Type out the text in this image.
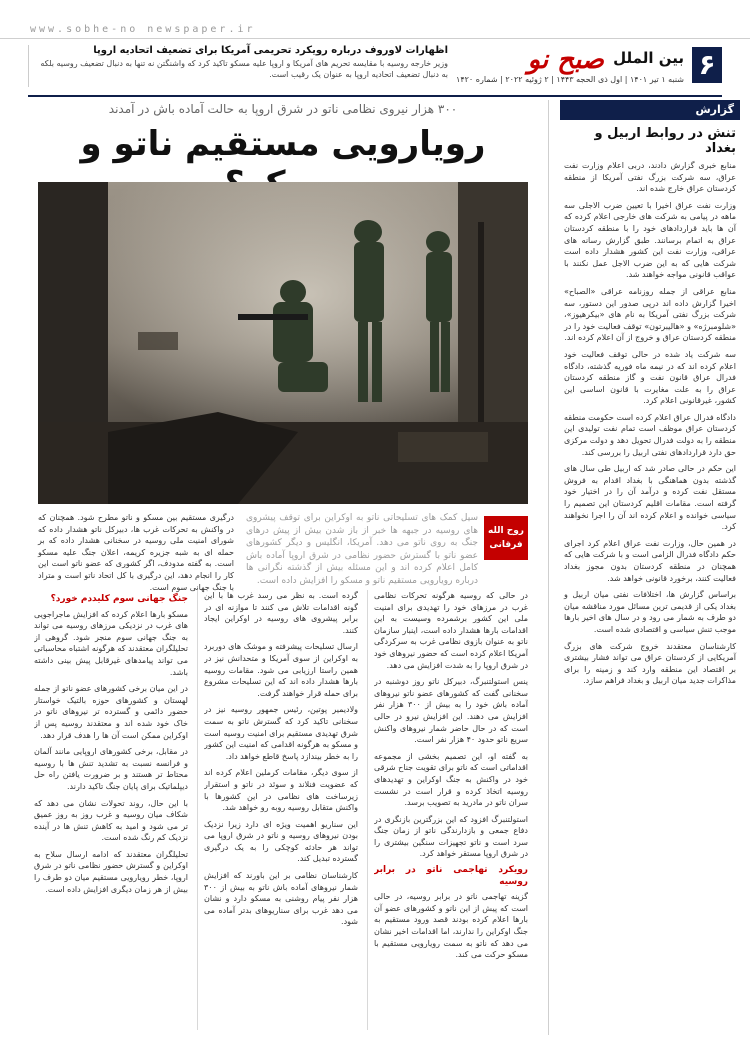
www.sobhe-no newspaper.ir
۶
بین الملل
صبح نو
شنبه ۱ تیر ۱۴۰۱ | اول ذی الحجه ۱۴۴۳ | ۲ ژوئیه ۲۰۲۲ | شماره ۱۴۲۰
اظهارات لاوروف درباره رویکرد تحریمی آمریکا برای تضعیف اتحادیه اروپا
وزیر خارجه روسیه با مقایسه تحریم های آمریکا و اروپا علیه مسکو تاکید کرد که واشنگتن نه تنها به دنبال تضعیف روسیه بلکه به دنبال تضعیف اتحادیه اروپا به عنوان یک رقیب است.
گزارش
تنش در روابط اربیل و بغداد

منابع خبری گزارش دادند، دربی اعلام وزارت نفت عراق، سه شرکت بزرگ نفتی آمریکا از منطقه کردستان عراق خارج شده اند.

وزارت نفت عراق اخیرا با تعیین ضرب الاجلی سه ماهه در پیامی به شرکت های خارجی اعلام کرده که آن ها باید قراردادهای خود را با منطقه کردستان عراق به اتمام برسانند. طبق گزارش رسانه های عراقی، وزارت نفت این کشور هشدار داده است شرکت هایی که به این ضرب الاجل عمل نکنند با عواقب قانونی مواجه خواهند شد.

منابع عراقی از جمله روزنامه عراقی «الصباح» اخیرا گزارش داده اند درپی صدور این دستور، سه شرکت بزرگ نفتی آمریکا به نام های «بیکرهیوز»، «شلومبرژه» و «هالیبرتون» توقف فعالیت خود را در منطقه کردستان عراق و خروج از آن اعلام کرده اند.

سه شرکت یاد شده در حالی توقف فعالیت خود اعلام کرده اند که در نیمه ماه فوریه گذشته، دادگاه فدرال عراق قانون نفت و گاز منطقه کردستان عراق را به علت مغایرت با قانون اساسی این کشور، غیرقانونی اعلام کرد.

دادگاه فدرال عراق اعلام کرده است حکومت منطقه کردستان عراق موظف است تمام نفت تولیدی این منطقه را به دولت فدرال تحویل دهد و دولت مرکزی حق دارد قراردادهای نفتی اربیل را بررسی کند.

این حکم در حالی صادر شد که اربیل طی سال های گذشته بدون هماهنگی با بغداد اقدام به فروش مستقل نفت کرده و درآمد آن را در اختیار خود گرفته است. مقامات اقلیم کردستان این تصمیم را سیاسی خوانده و اعلام کرده اند آن را اجرا نخواهند کرد.

در همین حال، وزارت نفت عراق اعلام کرد اجرای حکم دادگاه فدرال الزامی است و با شرکت هایی که همچنان در منطقه کردستان بدون مجوز بغداد فعالیت کنند، برخورد قانونی خواهد شد.

براساس گزارش ها، اختلافات نفتی میان اربیل و بغداد یکی از قدیمی ترین مسائل مورد مناقشه میان دو طرف به شمار می رود و در سال های اخیر بارها موجب تنش سیاسی و اقتصادی شده است.

کارشناسان معتقدند خروج شرکت های بزرگ آمریکایی از کردستان عراق می تواند فشار بیشتری بر اقتصاد این منطقه وارد کند و زمینه را برای مذاکرات جدید میان اربیل و بغداد فراهم سازد.

۳۰۰ هزار نیروی نظامی ناتو در شرق اروپا به حالت آماده باش در آمدند
رویارویی مستقیم ناتو و
روح الله فرقانی
سیل کمک های تسلیحاتی ناتو به اوکراین برای توقف پیشروی های روسیه در جبهه ها خبر از باز شدن بیش از پیش درهای جنگ به روی ناتو می دهد. آمریکا، انگلیس و دیگر کشورهای عضو ناتو با گسترش حضور نظامی در شرق اروپا آماده باش کامل اعلام کرده اند و این مسئله بیش از گذشته نگرانی ها درباره رویارویی مستقیم ناتو و مسکو را افزایش داده است.
درگیری مستقیم بین مسکو و ناتو مطرح شود. همچنان که در واکنش به تحرکات غرب ها، دبیرکل ناتو هشدار داده که شورای امنیت ملی روسیه در سخنانی هشدار داده که بر حمله ای به شبه جزیره کریمه، اعلان جنگ علیه مسکو است. به گفته مدودف، اگر کشوری که عضو ناتو است این کار را انجام دهد، این درگیری با کل اتحاد ناتو است و متراد با جنگ جهانی سوم است.

در حالی که روسیه هرگونه تحرکات نظامی غرب در مرزهای خود را تهدیدی برای امنیت ملی این کشور برشمرده وسیست به این اقدامات بارها هشدار داده است، اینبار سازمان ناتو به عنوان بازوی نظامی غرب به سرکردگی آمریکا اعلام کرده است که حضور نیروهای خود در شرق اروپا را به شدت افزایش می دهد.

ینس استولتنبرگ، دبیرکل ناتو روز دوشنبه در سخنانی گفت که کشورهای عضو ناتو نیروهای آماده باش خود را به بیش از ۳۰۰ هزار نفر افزایش می دهند. این افزایش نیرو در حالی است که در حال حاضر شمار نیروهای واکنش سریع ناتو حدود ۴۰ هزار نفر است.

به گفته او، این تصمیم بخشی از مجموعه اقداماتی است که ناتو برای تقویت جناح شرقی خود در واکنش به جنگ اوکراین و تهدیدهای روسیه اتخاذ کرده و قرار است در نشست سران ناتو در مادرید به تصویب برسد.

استولتنبرگ افزود که این بزرگترین بازنگری در دفاع جمعی و بازدارندگی ناتو از زمان جنگ سرد است و ناتو تجهیزات سنگین بیشتری را در شرق اروپا مستقر خواهد کرد.

رویکرد تهاجمی ناتو در برابر روسیه

گزینه تهاجمی ناتو در برابر روسیه، در حالی است که پیش از این ناتو و کشورهای عضو آن بارها اعلام کرده بودند قصد ورود مستقیم به جنگ اوکراین را ندارند، اما اقدامات اخیر نشان می دهد که ناتو به سمت رویارویی مستقیم با مسکو حرکت می کند.

گرده است. به نظر می رسد غرب ها با این گونه اقدامات تلاش می کنند تا موازنه ای در برابر پیشروی های روسیه در اوکراین ایجاد کنند.

ارسال تسلیحات پیشرفته و موشک های دوربرد به اوکراین از سوی آمریکا و متحدانش نیز در همین راستا ارزیابی می شود. مقامات روسیه بارها هشدار داده اند که این تسلیحات مشروع برای حمله قرار خواهند گرفت.

ولادیمیر پوتین، رئیس جمهور روسیه نیز در سخنانی تاکید کرد که گسترش ناتو به سمت شرق تهدیدی مستقیم برای امنیت روسیه است و مسکو به هرگونه اقدامی که امنیت این کشور را به خطر بیندازد پاسخ قاطع خواهد داد.

از سوی دیگر، مقامات کرملین اعلام کرده اند که عضویت فنلاند و سوئد در ناتو و استقرار زیرساخت های نظامی در این کشورها با واکنش متقابل روسیه روبه رو خواهد شد.

این سناریو اهمیت ویژه ای دارد زیرا نزدیک بودن نیروهای روسیه و ناتو در شرق اروپا می تواند هر حادثه کوچکی را به یک درگیری گسترده تبدیل کند.

کارشناسان نظامی بر این باورند که افزایش شمار نیروهای آماده باش ناتو به بیش از ۳۰۰ هزار نفر پیام روشنی به مسکو دارد و نشان می دهد غرب برای سناریوهای بدتر آماده می شود.

جنگ جهانی سوم کلیددم خورد؟

مسکو بارها اعلام کرده که افزایش ماجراجویی های غرب در نزدیکی مرزهای روسیه می تواند به جنگ جهانی سوم منجر شود. گروهی از تحلیلگران معتقدند که هرگونه اشتباه محاسباتی می تواند پیامدهای غیرقابل پیش بینی داشته باشد.

در این میان برخی کشورهای عضو ناتو از جمله لهستان و کشورهای حوزه بالتیک خواستار حضور دائمی و گسترده تر نیروهای ناتو در خاک خود شده اند و معتقدند روسیه پس از اوکراین ممکن است آن ها را هدف قرار دهد.

در مقابل، برخی کشورهای اروپایی مانند آلمان و فرانسه نسبت به تشدید تنش ها با روسیه محتاط تر هستند و بر ضرورت یافتن راه حل دیپلماتیک برای پایان جنگ تاکید دارند.

با این حال، روند تحولات نشان می دهد که شکاف میان روسیه و غرب روز به روز عمیق تر می شود و امید به کاهش تنش ها در آینده نزدیک کم رنگ شده است.

تحلیلگران معتقدند که ادامه ارسال سلاح به اوکراین و گسترش حضور نظامی ناتو در شرق اروپا، خطر رویارویی مستقیم میان دو طرف را بیش از هر زمان دیگری افزایش داده است.
